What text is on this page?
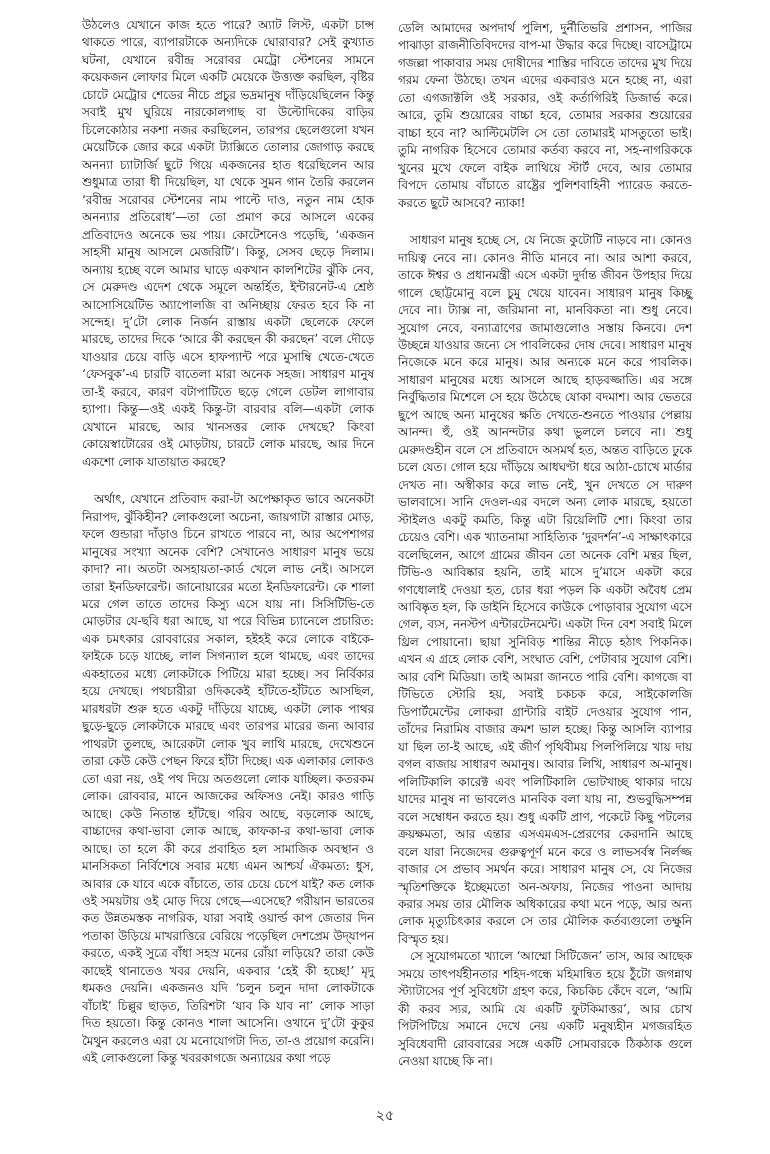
উঠলেও যেখানে কাজ হতে পারে? অ্যাট লিস্ট, একটা চান্স থাকতে পারে, ব্যাপারটাকে অন্যদিকে ঘোরাবার? সেই কুখ্যাত ঘটনা, যেখানে রবীন্দ্র সরোবর মেট্রো স্টেশনের সামনে কয়েকজন লোফার মিলে একটি মেয়েকে উত্ত্যক্ত করছিল, বৃষ্টির চোটে মেট্রোর শেডের নীচে প্রচুর ভদ্রমানুষ দাঁড়িয়েছিলেন কিন্তু সবাই মুখ ঘুরিয়ে নারকোলগাছ বা উল্টোদিকের বাড়ির চিলেকোঠার নকশা নজর করছিলেন, তারপর ছেলেগুলো যখন মেয়েটিকে জোর করে একটা ট্যাক্সিতে তোলার জোগাড় করছে অনন্যা চ্যাটার্জি ছুটে গিয়ে একজনের হাত ধরেছিলেন আর শুধুমাত্র তারা ধী দিয়েছিল, যা থেকে সুমন গান তৈরি করলেন ‘রবীন্দ্র সরোবর স্টেশনের নাম পাল্টে দাও, নতুন নাম হোক অনন্যার প্রতিরোধ’—তা তো প্রমাণ করে আসলে একের প্রতিবাদেও অনেকে ভয় পায়। কোটেশনেও পড়েছি, ‘একজন সাহসী মানুষ আসলে মেজরিটি’। কিন্তু, সেসব ছেড়ে দিলাম। অন্যায় হচ্ছে বলে আমার ঘাড়ে একখান কালশিটের ঝুঁকি নেব, সে মেরুদণ্ড এদেশ থেকে সমূলে অন্তর্হিত, ইন্টারনেট-এ শ্রেষ্ঠ আসোসিয়েটিভ অ্যাপোলজি বা অনিচ্ছায় ফেরত হবে কি না সন্দেহ। দু’টো লোক নির্জন রাস্তায় একটা ছেলেকে ফেলে মারছে, তাদের দিকে ‘আরে কী করছেন কী করছেন’ বলে দৌড়ে যাওয়ার চেয়ে বাড়ি এসে হাফপ্যান্ট পরে মুসাম্বি খেতে-খেতে ‘ফেসবুক’-এ চারটি বাতেলা মারা অনেক সহজ। সাধারণ মানুষ তা-ই করবে, কারণ বটাপাটিতে ছড়ে গেলে ডেটল লাগাবার হ্যাপা। কিন্তু—ওই একই কিন্তু-টা বারবার বলি—একটা লোক যেখানে মারছে, আর খানসত্তর লোক দেখছে? কিংবা কোয়েস্বাটোরের ওই মোড়টায়, চারটে লোক মারছে, আর দিনে একশো লোক যাতায়াত করছে?

অর্থাৎ, যেখানে প্রতিবাদ করা-টা অপেক্ষাকৃত ভাবে অনেকটা নিরাপদ, ঝুঁকিহীন? লোকগুলো অচেনা, জায়গাটা রাস্তার মোড়, ফলে গুন্ডারা দাঁড়াও চিনে রাখতে পারবে না, আর অপেশাগর মানুষের সংখ্যা অনেক বেশি? সেখানেও সাধারণ মানুষ ভয়ে কাদা? না। অতটা অসহায়তা-কার্ড খেলে লাভ নেই। আসলে তারা ইনডিফারেন্ট। জানোয়ারের মতো ইনডিফারেন্ট। কে শালা মরে গেল তাতে তাদের কিস্যু এসে যায় না। সিসিটিভি-তে মোড়টার যে-ছবি ধরা আছে, যা পরে বিভিন্ন চ্যানেলে প্রচারিত: এক চমৎকার রোববারের সকাল, হইহই করে লোকে বাইকে-ফাইকে চড়ে যাচ্ছে, লাল সিগন্যাল হলে থামছে, এবং তাদের একহাতের মধ্যে লোকটাকে পিটিয়ে মারা হচ্ছে। সব নির্বিকার হয়ে দেখছে। পথচারীরা ওদিককেই হাঁটতে-হাঁটতে আসছিল, মারধরটা শুরু হতে একটু দাঁড়িয়ে যাচ্ছে, একটা লোক পাথর ছুড়ে-ছুড়ে লোকটাকে মারছে এবং তারপর মারের জন্য আবার পাথরটা তুলছে, আরেকটা লোক খুব লাথি মারছে, দেখেশুনে তারা কেউ কেউ পেছন ফিরে হাঁটা দিচ্ছে। এক এলাকার লোকও তো এরা নয়, ওই পথ দিয়ে অতগুলো লোক যাচ্ছিল। কতরকম লোক। রোববার, মানে আজকের অফিসও নেই। কারও গাড়ি আছে। কেউ নিতান্ত হাঁটছে। গরিব আছে, বড়লোক আছে, বাচ্চাদের কথা-ভাবা লোক আছে, কাফকা-র কথা-ভাবা লোক আছে। তা হলে কী করে প্রবাহিত হল সামাজিক অবস্থান ও মানসিকতা নির্বিশেষে সবার মধ্যে এমন আশ্চর্য ঐকমত্য: ধুস, আবার কে যাবে একে বাঁচাতে, তার চেয়ে চেপে যাই? কত লোক ওই সময়টায় ওই মোড় দিয়ে গেছে—এসেছে? গরীয়ান ভারতের কত উন্নতমস্তক নাগরিক, যারা সবাই ওয়ার্ল্ড কাপ জেতার দিন পতাকা উড়িয়ে মাখরাত্তিরে বেরিয়ে পড়েছিল দেশপ্রেম উদ্‌যাপন করতে, একই সুত্রে বাঁধা সহস্র মনের রোঁয়া লড়িয়ে? তারা কেউ কাছেই থানাতেও খবর দেয়নি, একবার ‘হেই কী হচ্ছে!’ মৃদু ধমকও দেয়নি। একজনও যদি ‘চলুন চলুন দাদা লোকটাকে বাঁচাই’ চিল্লুর ছাড়ত, তিরিশটা ‘যাব কি যাব না’ লোক সাড়া দিত হয়তো। কিন্তু কোনও শালা আসেনি। ওখানে দু’টো কুকুর মৈথুন করলেও এরা যে মনোযোগটা দিত, তা-ও প্রয়োগ করেনি। এই লোকগুলো কিন্তু খবরকাগজে অন্যায়ের কথা পড়ে

ডেলি আমাদের অপদার্থ পুলিশ, দুর্নীতিভরি প্রশাসন, পাজির পাঝাড়া রাজনীতিবিদদের বাপ-মা উদ্ধার করে দিচ্ছে। বাসেট্রামে গজল্লা পাকাবার সময় দোষীদের শাস্তির দাবিতে তাদের মুখ দিয়ে গরম ফেনা উঠছে। তখন এদের একবারও মনে হচ্ছে না, এরা তো এগজাক্টলি ওই সরকার, ওই কর্তাগিরিই ডিজার্ভ করে। আরে, তুমি শুয়োরের বাচ্চা হবে, তোমার সরকার শুয়োরের বাচ্চা হবে না? আল্টিমেটলি সে তো তোমারই মাসতুতো ভাই। তুমি নাগরিক হিসেবে তোমার কর্তব্য করবে না, সহ-নাগরিককে খুনের মুখে ফেলে বাইক লাথিয়ে স্টার্ট দেবে, আর তোমার বিপদে তোমায় বাঁচাতে রাষ্ট্রের পুলিশবাহিনী প্যারেড করতে-করতে ছুটে আসবে? ন্যাকা!

সাধারণ মানুষ হচ্ছে সে, যে নিজে কুটোটি নাড়বে না। কোনও দায়িত্ব নেবে না। কোনও নীতি মানবে না। আর আশা করবে, তাকে ঈশ্বর ও প্রধানমন্ত্রী এসে একটা দুর্দান্ত জীবন উপহার দিয়ে গালে ছোট্টমোনু বলে চুমু খেয়ে যাবেন। সাধারণ মানুষ কিচ্ছু দেবে না। ট্যাক্স না, জরিমানা না, মানবিকতা না। শুধু নেবে। সুযোগ নেবে, বন্যাত্রাণের জামাগুলোও সস্তায় কিনবে। দেশ উচ্ছন্নে যাওয়ার জন্যে সে পাবলিকের দোষ দেবে। সাধারণ মানুষ নিজেকে মনে করে মানুষ। আর অন্যকে মনে করে পাবলিক। সাধারণ মানুষের মধ্যে আসলে আছে হাড়বজ্জাতি। এর সঙ্গে নির্বুদ্ধিতার মিশেলে সে হয়ে উঠেছে যোকা বদমাশ। আর ভেতরে ছুপে আছে অন্য মানুষের ক্ষতি দেখতে-শুনতে পাওয়ার পেল্লায় আনন্দ। হুঁ, ওই আনন্দটার কথা ভুললে চলবে না। শুধু মেরুদণ্ডহীন বলে সে প্রতিবাদে অসমর্থ হত, অন্তত বাড়িতে ঢুকে চলে যেত। গোল হয়ে দাঁড়িয়ে আধঘণ্টা ধরে আঠা-চোখে মার্ডার দেখত না। অস্বীকার করে লাভ নেই, খুন দেখতে সে দারুণ ভালবাসে। সানি দেওল-এর বদলে অন্য লোক মারছে, হয়তো স্টাইলও একটু কমতি, কিন্তু এটা রিয়েলিটি শো। কিংবা তার চেয়েও বেশি। এক খ্যাতনামা সাহিত্যিক ‘দুরদর্শন’-এ সাক্ষাৎকারে বলেছিলেন, আগে গ্রামের জীবন তো অনেক বেশি মন্থর ছিল, টিভি-ও আবিষ্কার হয়নি, তাই মাসে দু’মাসে একটা করে গণধোলাই দেওয়া হত, চোর ধরা পড়ল কি একটা অবৈধ প্রেম আবিষ্কৃত হল, কি ডাইনি হিসেবে কাউকে পোড়াবার সুযোগ এসে গেল, ব্যস, ননস্টপ এন্টারটেনমেন্ট। একটা দিন বেশ সবাই মিলে থ্রিল পোয়ানো। ছায়া সুনিবিড় শান্তির নীড়ে হঠাৎ পিকনিক। এখন এ গ্রহে লোক বেশি, সংঘাত বেশি, পেটাবার সুযোগ বেশি। আর বেশি মিডিয়া। তাই আমরা জানতে পারি বেশি। কাগজে বা টিভিতে স্টোরি হয়, সবাই চকচক করে, সাইকোলজি ডিপার্টমেন্টের লোকরা গ্রান্টারি বাইট দেওয়ার সুযোগ পান, তাঁদের নিরামিষ বাজার ক্রমশ ভাল হচ্ছে। কিন্তু আসলি ব্যাপার যা ছিল তা-ই আছে, এই জীর্ণ পৃথিবীময় পিলপিলিয়ে খায় দায় বগল বাজায় সাধারণ অমানুষ। আবার লিখি, সাধারণ অ-মানুষ। পলিটিকালি কারেক্ট এবং পলিটিকালি ভোটখাচ্ছ থাকার দায়ে যাদের মানুষ না ভাবলেও মানবিক বলা যায় না, শুভবুদ্ধিসম্পন্ন বলে সম্বোধন করতে হয়। শুধু একটি প্রাণ, পকেটে কিছু পটলের ক্রয়ক্ষমতা, আর এন্তার এসএমএস-প্রেরণের কেরদানি আছে বলে যারা নিজেদের গুরুত্বপূর্ণ মনে করে ও লাভসর্বস্ব নির্লজ্জ বাজার সে প্রভাব সমর্থন করে। সাধারণ মানুষ সে, যে নিজের স্মৃতিশক্তিকে ইচ্ছেমতো অন-অফায়, নিজের পাওনা আদায় করার সময় তার মৌলিক অধিকারের কথা মনে পড়ে, আর অন্য লোক মৃত্যুচিৎকার করলে সে তার মৌলিক কর্তব্যগুলো তক্ষুনি বিস্মৃত হয়।

সে সুযোগমতো খ্যালে ‘আম্মো সিটিজেন’ তাস, আর আছেক সময়ে তাৎপর্যহীনতার শহিদ-গন্ধে মহিমান্বিত হয়ে ঠুঁটো জগন্নাথ স্ট্যাটাসের পূর্ণ সুবিধেটা গ্রহণ করে, কিচকিচ কেঁদে বলে, ‘আমি কী করব স্যর, আমি যে একটি ফুটকিমাত্তর’, আর চোখ পিটপিটিয়ে সমানে দেখে নেয় একটি মনুষ্যহীন মগজরহিত সুবিধেবাদী রোববারের সঙ্গে একটি সোমবারকে ঠিকঠাক গুলে নেওয়া যাচ্ছে কি না।

২৫
